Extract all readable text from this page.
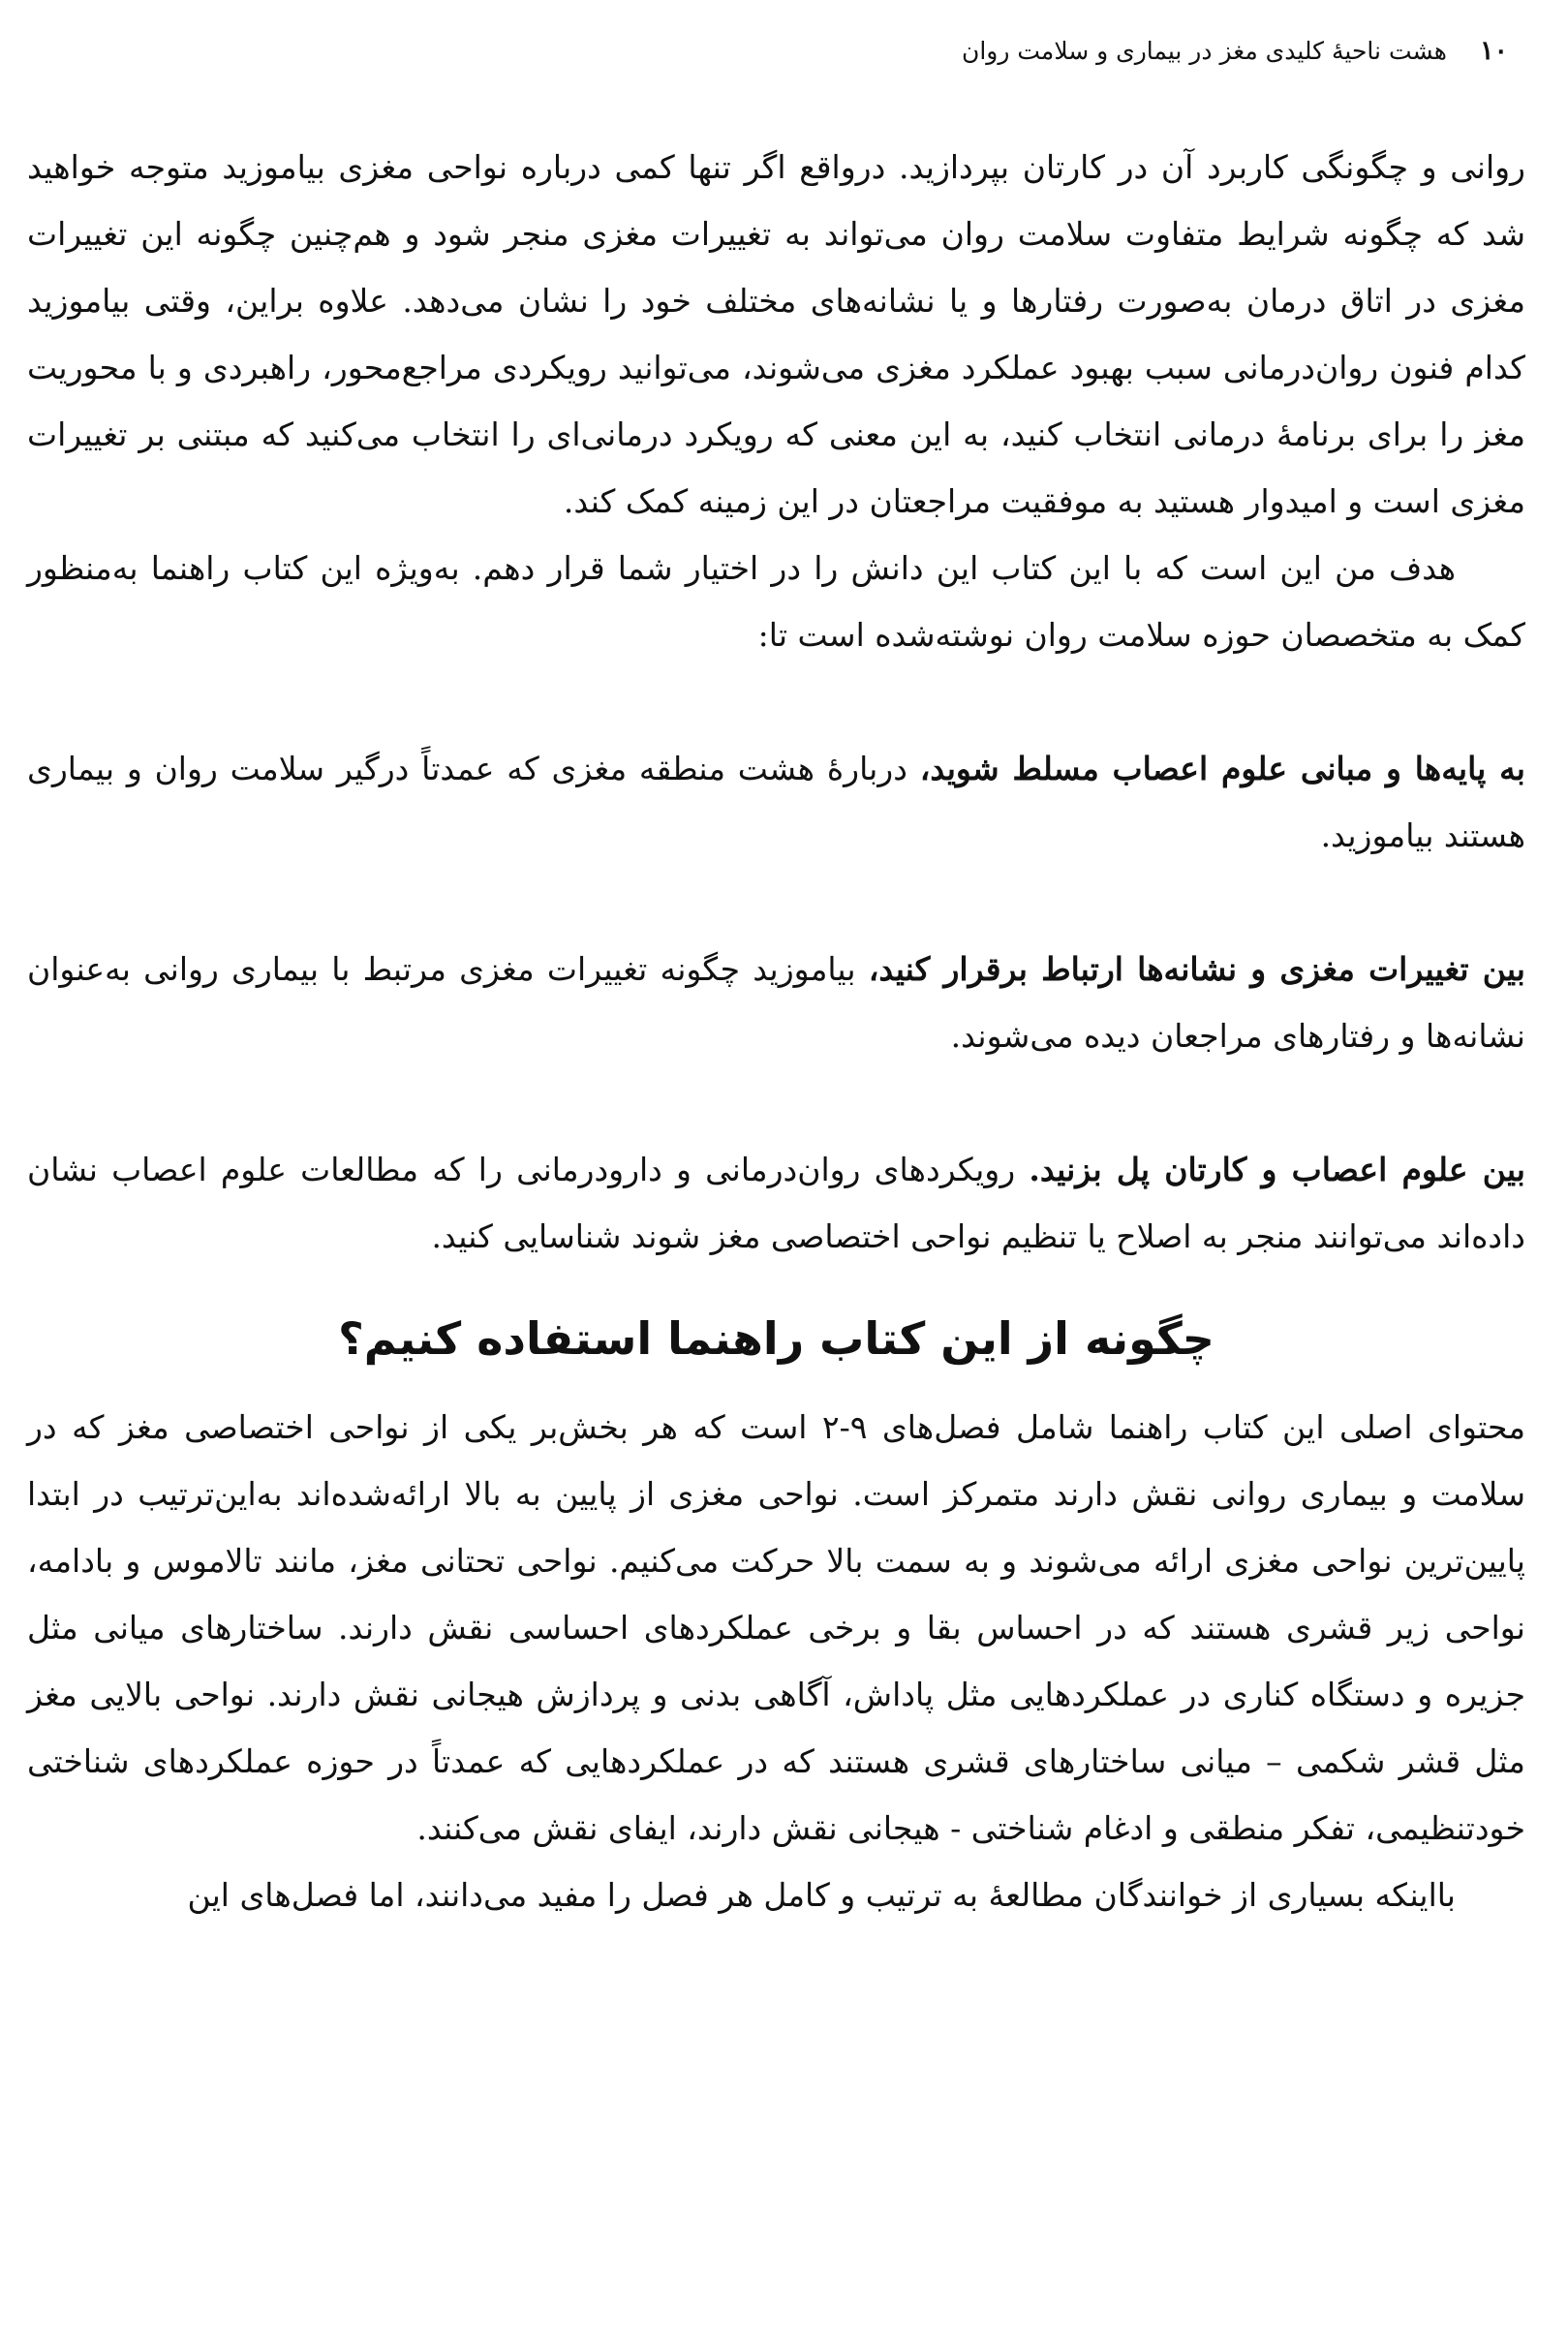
۱۰
هشت ناحیهٔ کلیدی مغز در بیماری و سلامت روان

روانی و چگونگی کاربرد آن در کارتان بپردازید. درواقع اگر تنها کمی درباره نواحی مغزی بیاموزید متوجه خواهید شد که چگونه شرایط متفاوت سلامت روان می‌تواند به تغییرات مغزی منجر شود و هم‌چنین چگونه این تغییرات مغزی در اتاق درمان به‌صورت رفتارها و یا نشانه‌های مختلف خود را نشان می‌دهد. علاوه براین، وقتی بیاموزید کدام فنون روان‌درمانی سبب بهبود عملکرد مغزی می‌شوند، می‌توانید رویکردی مراجع‌محور، راهبردی و با محوریت مغز را برای برنامهٔ درمانی انتخاب کنید، به این معنی که رویکرد درمانی‌ای را انتخاب می‌کنید که مبتنی بر تغییرات مغزی است و امیدوار هستید به موفقیت مراجعتان در این زمینه کمک کند.

هدف من این است که با این کتاب این دانش را در اختیار شما قرار دهم. به‌ویژه این کتاب راهنما به‌منظور کمک به متخصصان حوزه سلامت روان نوشته‌شده است تا:

به پایه‌ها و مبانی علوم اعصاب مسلط شوید، دربارهٔ هشت منطقه مغزی که عمدتاً درگیر سلامت روان و بیماری هستند بیاموزید.

بین تغییرات مغزی و نشانه‌ها ارتباط برقرار کنید، بیاموزید چگونه تغییرات مغزی مرتبط با بیماری روانی به‌عنوان نشانه‌ها و رفتارهای مراجعان دیده می‌شوند.

بین علوم اعصاب و کارتان پل بزنید. رویکردهای روان‌درمانی و دارودرمانی را که مطالعات علوم اعصاب نشان داده‌اند می‌توانند منجر به اصلاح یا تنظیم نواحی اختصاصی مغز شوند شناسایی کنید.

چگونه از این کتاب راهنما استفاده کنیم؟

محتوای اصلی این کتاب راهنما شامل فصل‌های ۹-۲ است که هر بخش‌بر یکی از نواحی اختصاصی مغز که در سلامت و بیماری روانی نقش دارند متمرکز است. نواحی مغزی از پایین به بالا ارائه‌شده‌اند به‌این‌ترتیب در ابتدا پایین‌ترین نواحی مغزی ارائه می‌شوند و به سمت بالا حرکت می‌کنیم. نواحی تحتانی مغز، مانند تالاموس و بادامه، نواحی زیر قشری هستند که در احساس بقا و برخی عملکردهای احساسی نقش دارند. ساختارهای میانی مثل جزیره و دستگاه کناری در عملکردهایی مثل پاداش، آگاهی بدنی و پردازش هیجانی نقش دارند. نواحی بالایی مغز مثل قشر شکمی – میانی ساختارهای قشری هستند که در عملکردهایی که عمدتاً در حوزه عملکردهای شناختی خودتنظیمی، تفکر منطقی و ادغام شناختی - هیجانی نقش دارند، ایفای نقش می‌کنند.

بااینکه بسیاری از خوانندگان مطالعهٔ به ترتیب و کامل هر فصل را مفید می‌دانند، اما فصل‌های این
